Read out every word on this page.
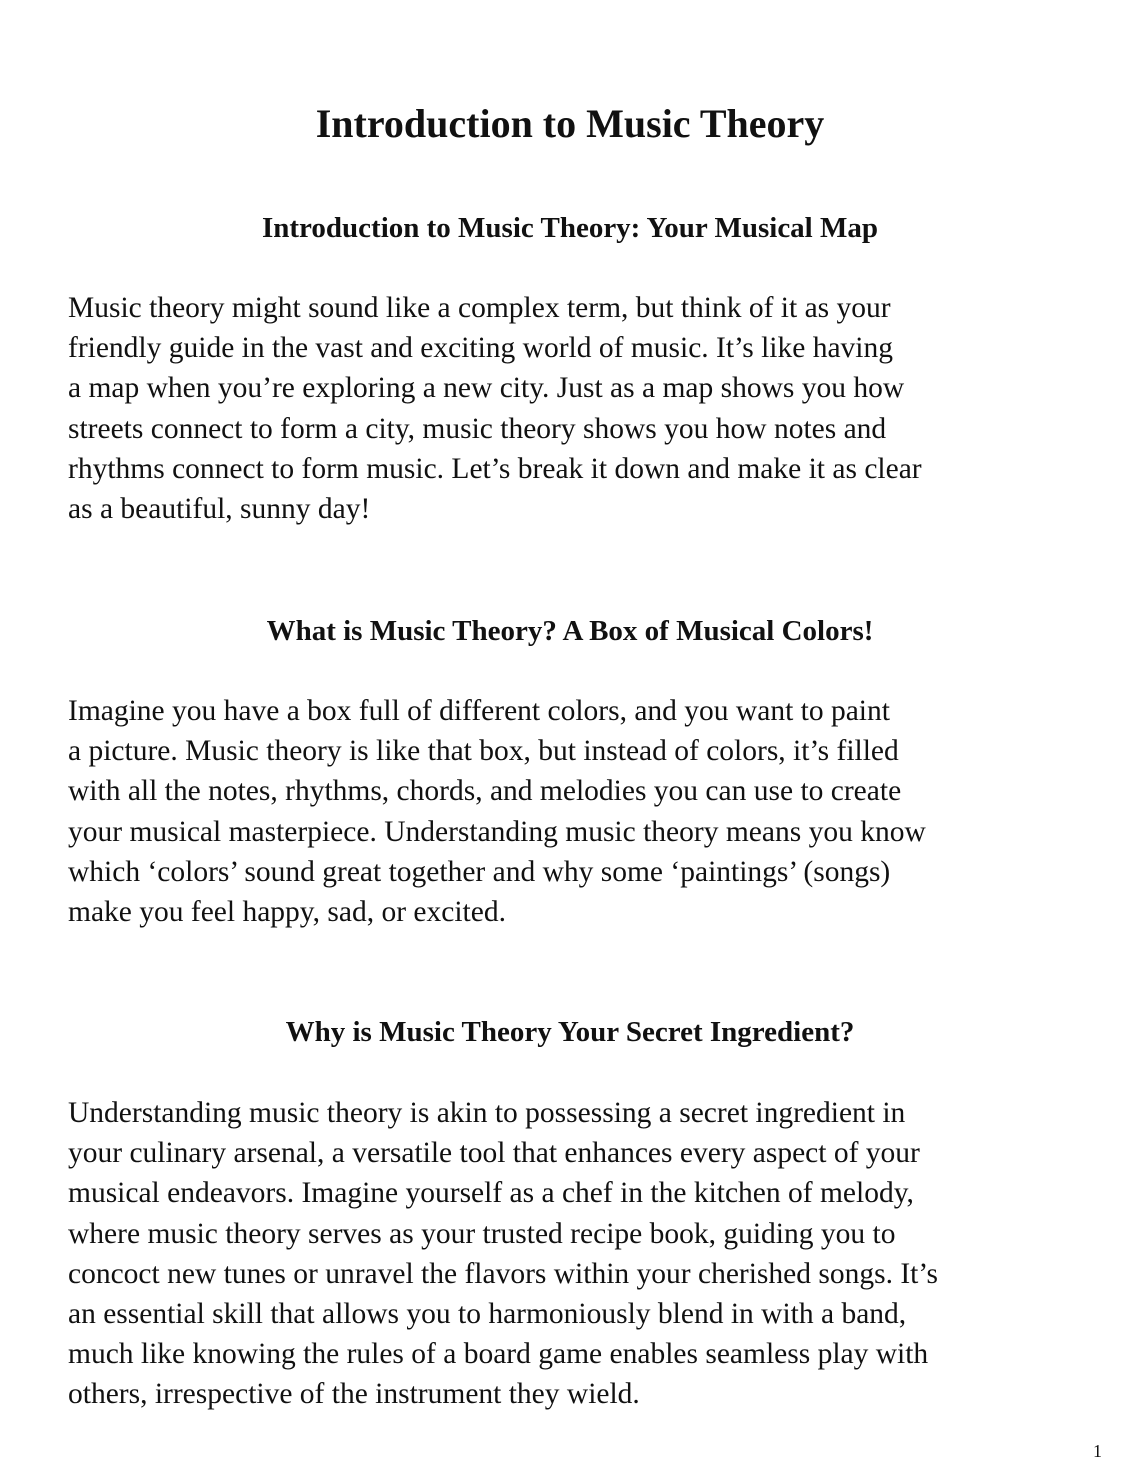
Introduction to Music Theory
Introduction to Music Theory: Your Musical Map

Music theory might sound like a complex term, but think of it as your
friendly guide in the vast and exciting world of music. It’s like having
a map when you’re exploring a new city. Just as a map shows you how
streets connect to form a city, music theory shows you how notes and
rhythms connect to form music. Let’s break it down and make it as clear
as a beautiful, sunny day!

What is Music Theory? A Box of Musical Colors!

Imagine you have a box full of different colors, and you want to paint
a picture. Music theory is like that box, but instead of colors, it’s filled
with all the notes, rhythms, chords, and melodies you can use to create
your musical masterpiece. Understanding music theory means you know
which ‘colors’ sound great together and why some ‘paintings’ (songs)
make you feel happy, sad, or excited.

Why is Music Theory Your Secret Ingredient?

Understanding music theory is akin to possessing a secret ingredient in
your culinary arsenal, a versatile tool that enhances every aspect of your
musical endeavors. Imagine yourself as a chef in the kitchen of melody,
where music theory serves as your trusted recipe book, guiding you to
concoct new tunes or unravel the flavors within your cherished songs. It’s
an essential skill that allows you to harmoniously blend in with a band,
much like knowing the rules of a board game enables seamless play with
others, irrespective of the instrument they wield.

1
